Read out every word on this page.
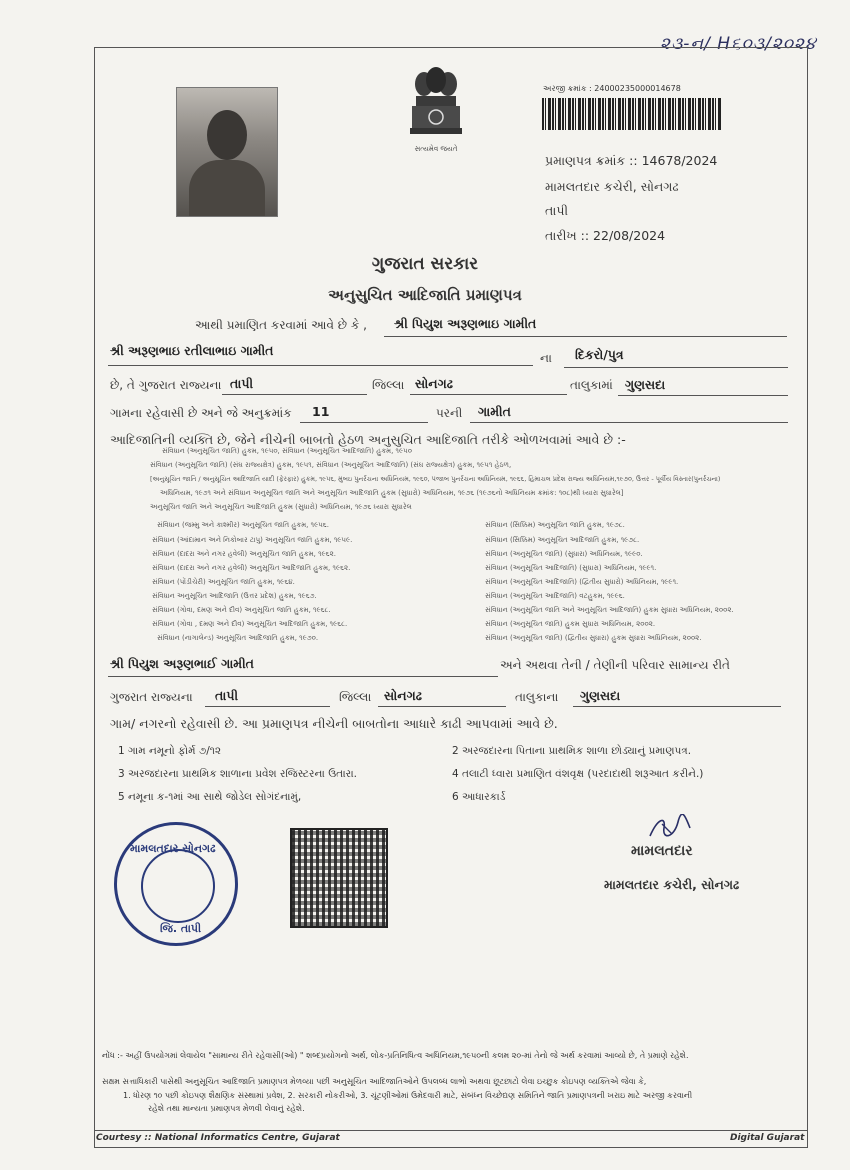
૨૩-ન/ H૬૦૩/૨૦૨૪
સત્યમેવ જયતે
અરજી ક્રમાંક : 24000235000014678
પ્રમાણપત્ર ક્રમાંક :: 14678/2024
મામલતદાર કચેરી, સોનગઢ
તાપી
તારીખ :: 22/08/2024
ગુજરાત સરકાર
અનુસુચિત આદિજાતિ પ્રમાણપત્ર
આથી પ્રમાણિત કરવામાં આવે છે કે , શ્રી પિયુશ અરૂણભાઇ ગામીત
શ્રી અરૂણભાઇ રતીલાભાઇ ગામીત	ના દિકરો/પુત્ર
છે, તે ગુજરાત રાજ્યના તાપી	જિલ્લા સોનગઢ	તાલુકામાં ગુણસદા
ગામના રહેવાસી છે અને જે અનુક્રમાંક 11	પરની ગામીત
આદિજાતિની વ્યક્તિ છે, જેને નીચેની બાબતો હેઠળ અનુસુચિત આદિજાતિ તરીકે ઓળખવામાં આવે છે :-
સંવિધાન (અનુસૂચિત જાતિ) હુકમ, ૧૯૫૦, સંવિધાન (અનુસૂચિત આદિજાતિ) હુકમ, ૧૯૫૦
સંવિધાન (અનુસૂચિત જાતિ) (સંઘ રાજ્યક્ષેત્ર) હુકમ, ૧૯૫૧, સંવિધાન (અનુસૂચિત આદિજાતિ) (સંઘ રાજ્યક્ષેત્ર) હુકમ, ૧૯૫૧ હેઠળ,
[અનુસૂચિત જાતિ / અનુસૂચિત આદિજાતિ યાદી (ફેરફાર) હુકમ, ૧૯૫૬, મુંબઇ પુનર્રચના અધિનિયમ, ૧૯૬૦, પંજાબ પુનર્રચના અધિનિયમ, ૧૯૬૬, હિમાચલ પ્રદેશ રાજ્ય અધિનિયમ,૧૯૭૦, ઉત્તર - પૂર્વીય વિસ્તાર(પુનર્રચના)
અધિનિયમ, ૧૯૭૧ અને સંવિધાન અનુસૂચિત જાતિ અને અનુસૂચિત આદિજાતિ હુકમ (સુધારો) અધિનિયમ, ૧૯૭૬ (૧૯૭૬નો અધિનિયમ ક્રમાંક: ૧૦૮)થી ધ્યારા સુધારેલ]
અનુસૂચિત જાતિ અને અનુસૂચિત આદિજાતિ હુકમ (સુધારો) અધિનિયમ, ૧૯૭૬ ધ્યારા સુધારેલ
સંવિધાન (જમ્મુ અને કાશ્મીર) અનુસૂચિત જાતિ હુકમ, ૧૯૫૬.
સંવિધાન (આંદામાન અને નિકોબાર ટાપુ) અનુસૂચિત જાતિ હુકમ, ૧૯૫૯.
સંવિધાન (દાદરા અને નગર હવેલી) અનુસૂચિત જાતિ હુકમ, ૧૯૬૨.
સંવિધાન (દાદરા અને નગર હવેલી) અનુસૂચિત આદિજાતિ હુકમ, ૧૯૬૨.
સંવિધાન (પોંડીચેરી) અનુસૂચિત જાતિ હુકમ, ૧૯૬૪.
સંવિધાન અનુસૂચિત આદિજાતિ (ઉત્તર પ્રદેશ) હુકમ, ૧૯૬૭.
સંવિધાન (ગોવા, દમણ અને દીવ) અનુસૂચિત જાતિ હુકમ, ૧૯૬૮.
સંવિધાન (ગોવા , દમણ અને દીવ) અનુસૂચિત આદિજાતિ હુકમ, ૧૯૬૮.
સંવિધાન (નાગાલેન્ડ) અનુસૂચિત આદિજાતિ હુકમ, ૧૯૭૦.
સંવિધાન (સિક્કિમ) અનુસૂચિત જાતિ હુકમ, ૧૯૭૮.
સંવિધાન (સિક્કિમ) અનુસૂચિત આદિજાતિ હુકમ, ૧૯૭૮.
સંવિધાન (અનુસૂચિત જાતિ) (સુધારા) અધિનિયમ, ૧૯૯૦.
સંવિધાન (અનુસૂચિત આદિજાતિ) (સુધારા) અધિનિયમ, ૧૯૯૧.
સંવિધાન (અનુસૂચિત આદિજાતિ) (દ્વિતીય સુધારો) અધિનિયમ, ૧૯૯૧.
સંવિધાન (અનુસૂચિત આદિજાતિ) વટહુકમ, ૧૯૯૬.
સંવિધાન (અનુસૂચિત જાતિ અને અનુસૂચિત આદિજાતિ) હુકમ સુધારા અધિનિયમ, ૨૦૦૨.
સંવિધાન (અનુસૂચિત જાતિ) હુકમ સુધારા અધિનિયમ, ૨૦૦૨.
સંવિધાન (અનુસૂચિત જાતિ) (દ્વિતીય સુધારા) હુકમ સુધારા અધિનિયમ, ૨૦૦૨.
શ્રી પિયુશ અરૂણભાઈ ગામીત	અને અથવા તેની / તેણીની પરિવાર સામાન્ય રીતે
ગુજરાત રાજ્યના તાપી	જિલ્લા સોનગઢ	તાલુકાના ગુણસદા
ગામ/ નગરનો રહેવાસી છે. આ પ્રમાણપત્ર નીચેની બાબતોના આધારે કાઢી આપવામાં આવે છે.
1 ગામ નમૂનો ફોર્મ ૭/૧૨	2 અરજદારના પિતાના પ્રાથમિક શાળા છોડ્યાનું પ્રમાણપત્ર.
3 અરજદારના પ્રાથમિક શાળાના પ્રવેશ રજિસ્ટરના ઉતારા.	4 તલાટી ધ્વારા પ્રમાણિત વંશવૃક્ષ (પરદાદાથી શરૂઆત કરીને.)
5 નમૂના ક-૧માં આ સાથે જોડેલ સોગંદનામું,	6 આધારકાર્ડ
મામલતદાર સોનગઢ
જિ. તાપી
મામલતદાર
મામલતદાર કચેરી, સોનગઢ
નોંધ :- અહીં ઉપયોગમાં લેવાયેલ "સામાન્ય રીતે રહેવાસી(ઓ) " શબ્દપ્રયોગનો અર્થ, લોક-પ્રતિનિધિત્વ અધિનિયમ,૧૯૫૦ની કલમ ૨૦-માં તેનો જે અર્થ કરવામાં આવ્યો છે, તે પ્રમાણે રહેશે.
સક્ષમ સત્તાધિકારી પાસેથી અનુસૂચિત આદિજાતિ પ્રમાણપત્ર મેળવ્યા પછી અનુસૂચિત આદિજાતિઓને ઉપલબ્ધ લાભો અથવા છૂટછાટો લેવા ઇચ્છુક કોઇપણ વ્યક્તિએ જેવા કે,
1. ધોરણ ૧૦ પછી કોઇપણ શૈક્ષણિક સંસ્થામાં પ્રવેશ, 2. સરકારી નોકરીઓ, 3. ચૂંટણીઓમાં ઉમેદવારી માટે, સંબંધ્ન વિચ્છેદ્યણ સમિતિને જાતિ પ્રમાણપત્રની ખરાઇ માટે અરજી કરવાની
રહેશે તથા માન્યતા પ્રમાણપત્ર મેળવી લેવાનું રહેશે.
Courtesy :: National Informatics Centre, Gujarat	Digital Gujarat
